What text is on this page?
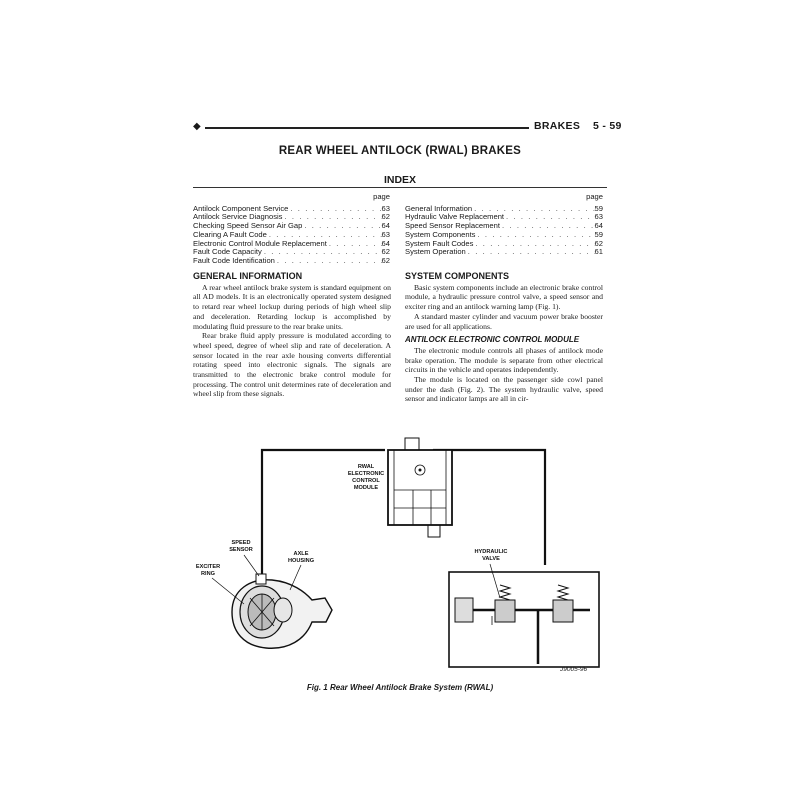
◆	BRAKES    5 - 59
REAR WHEEL ANTILOCK (RWAL) BRAKES
INDEX
page
Antilock Component Service . . .	63
Antilock Service Diagnosis . . .	62
Checking Speed Sensor Air Gap . . .	64
Clearing A Fault Code . . .	63
Electronic Control Module Replacement . . .	64
Fault Code Capacity . . .	62
Fault Code Identification . . .	62
page
General Information . . .	59
Hydraulic Valve Replacement . . .	63
Speed Sensor Replacement . . .	64
System Components . . .	59
System Fault Codes . . .	62
System Operation . . .	61
GENERAL INFORMATION

A rear wheel antilock brake system is standard equipment on all AD models. It is an electronically operated system designed to retard rear wheel lockup during periods of high wheel slip and deceleration. Retarding lockup is accomplished by modulating fluid pressure to the rear brake units.

Rear brake fluid apply pressure is modulated according to wheel speed, degree of wheel slip and rate of deceleration. A sensor located in the rear axle housing converts differential rotating speed into electronic signals. The signals are transmitted to the electronic brake control module for processing. The control unit determines rate of deceleration and wheel slip from these signals.

SYSTEM COMPONENTS

Basic system components include an electronic brake control module, a hydraulic pressure control valve, a speed sensor and exciter ring and an antilock warning lamp (Fig. 1).

A standard master cylinder and vacuum power brake booster are used for all applications.

ANTILOCK ELECTRONIC CONTROL MODULE

The electronic module controls all phases of antilock mode brake operation. The module is separate from other electrical circuits in the vehicle and operates independently.

The module is located on the passenger side cowl panel under the dash (Fig. 2). The system hydraulic valve, speed sensor and indicator lamps are all in cir-

RWAL
ELECTRONIC
CONTROL
MODULE
HYDRAULIC
VALVE
SPEED
SENSOR
AXLE
HOUSING
EXCITER
RING
J9005-96
Fig. 1 Rear Wheel Antilock Brake System (RWAL)
